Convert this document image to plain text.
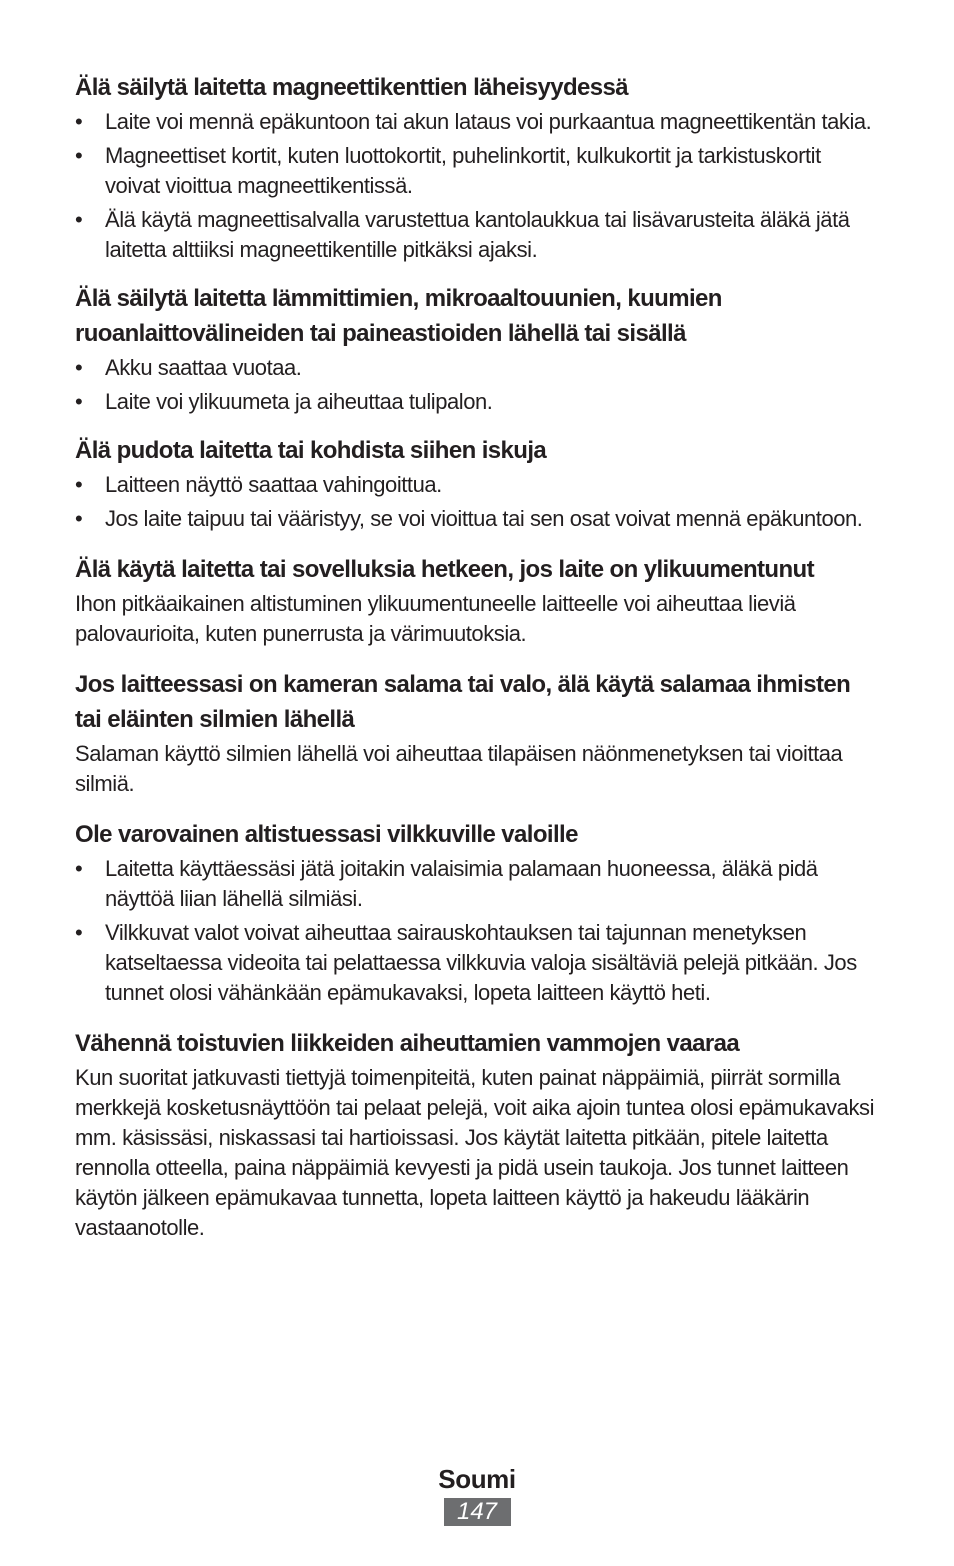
Älä säilytä laitetta magneettikenttien läheisyydessä
•	Laite voi mennä epäkuntoon tai akun lataus voi purkaantua magneettikentän takia.
•	Magneettiset kortit, kuten luottokortit, puhelinkortit, kulkukortit ja tarkistuskortit voivat vioittua magneettikentissä.
•	Älä käytä magneettisalvalla varustettua kantolaukkua tai lisävarusteita äläkä jätä laitetta alttiiksi magneettikentille pitkäksi ajaksi.
Älä säilytä laitetta lämmittimien, mikroaaltouunien, kuumien ruoanlaittovälineiden tai paineastioiden lähellä tai sisällä
•	Akku saattaa vuotaa.
•	Laite voi ylikuumeta ja aiheuttaa tulipalon.
Älä pudota laitetta tai kohdista siihen iskuja
•	Laitteen näyttö saattaa vahingoittua.
•	Jos laite taipuu tai vääristyy, se voi vioittua tai sen osat voivat mennä epäkuntoon.
Älä käytä laitetta tai sovelluksia hetkeen, jos laite on ylikuumentunut

Ihon pitkäaikainen altistuminen ylikuumentuneelle laitteelle voi aiheuttaa lieviä palovaurioita, kuten punerrusta ja värimuutoksia.

Jos laitteessasi on kameran salama tai valo, älä käytä salamaa ihmisten tai eläinten silmien lähellä

Salaman käyttö silmien lähellä voi aiheuttaa tilapäisen näönmenetyksen tai vioittaa silmiä.

Ole varovainen altistuessasi vilkkuville valoille
•	Laitetta käyttäessäsi jätä joitakin valaisimia palamaan huoneessa, äläkä pidä näyttöä liian lähellä silmiäsi.
•	Vilkkuvat valot voivat aiheuttaa sairauskohtauksen tai tajunnan menetyksen katseltaessa videoita tai pelattaessa vilkkuvia valoja sisältäviä pelejä pitkään. Jos tunnet olosi vähänkään epämukavaksi, lopeta laitteen käyttö heti.
Vähennä toistuvien liikkeiden aiheuttamien vammojen vaaraa

Kun suoritat jatkuvasti tiettyjä toimenpiteitä, kuten painat näppäimiä, piirrät sormilla merkkejä kosketusnäyttöön tai pelaat pelejä, voit aika ajoin tuntea olosi epämukavaksi mm. käsissäsi, niskassasi tai hartioissasi. Jos käytät laitetta pitkään, pitele laitetta rennolla otteella, paina näppäimiä kevyesti ja pidä usein taukoja. Jos tunnet laitteen käytön jälkeen epämukavaa tunnetta, lopeta laitteen käyttö ja hakeudu lääkärin vastaanotolle.

Soumi

147
